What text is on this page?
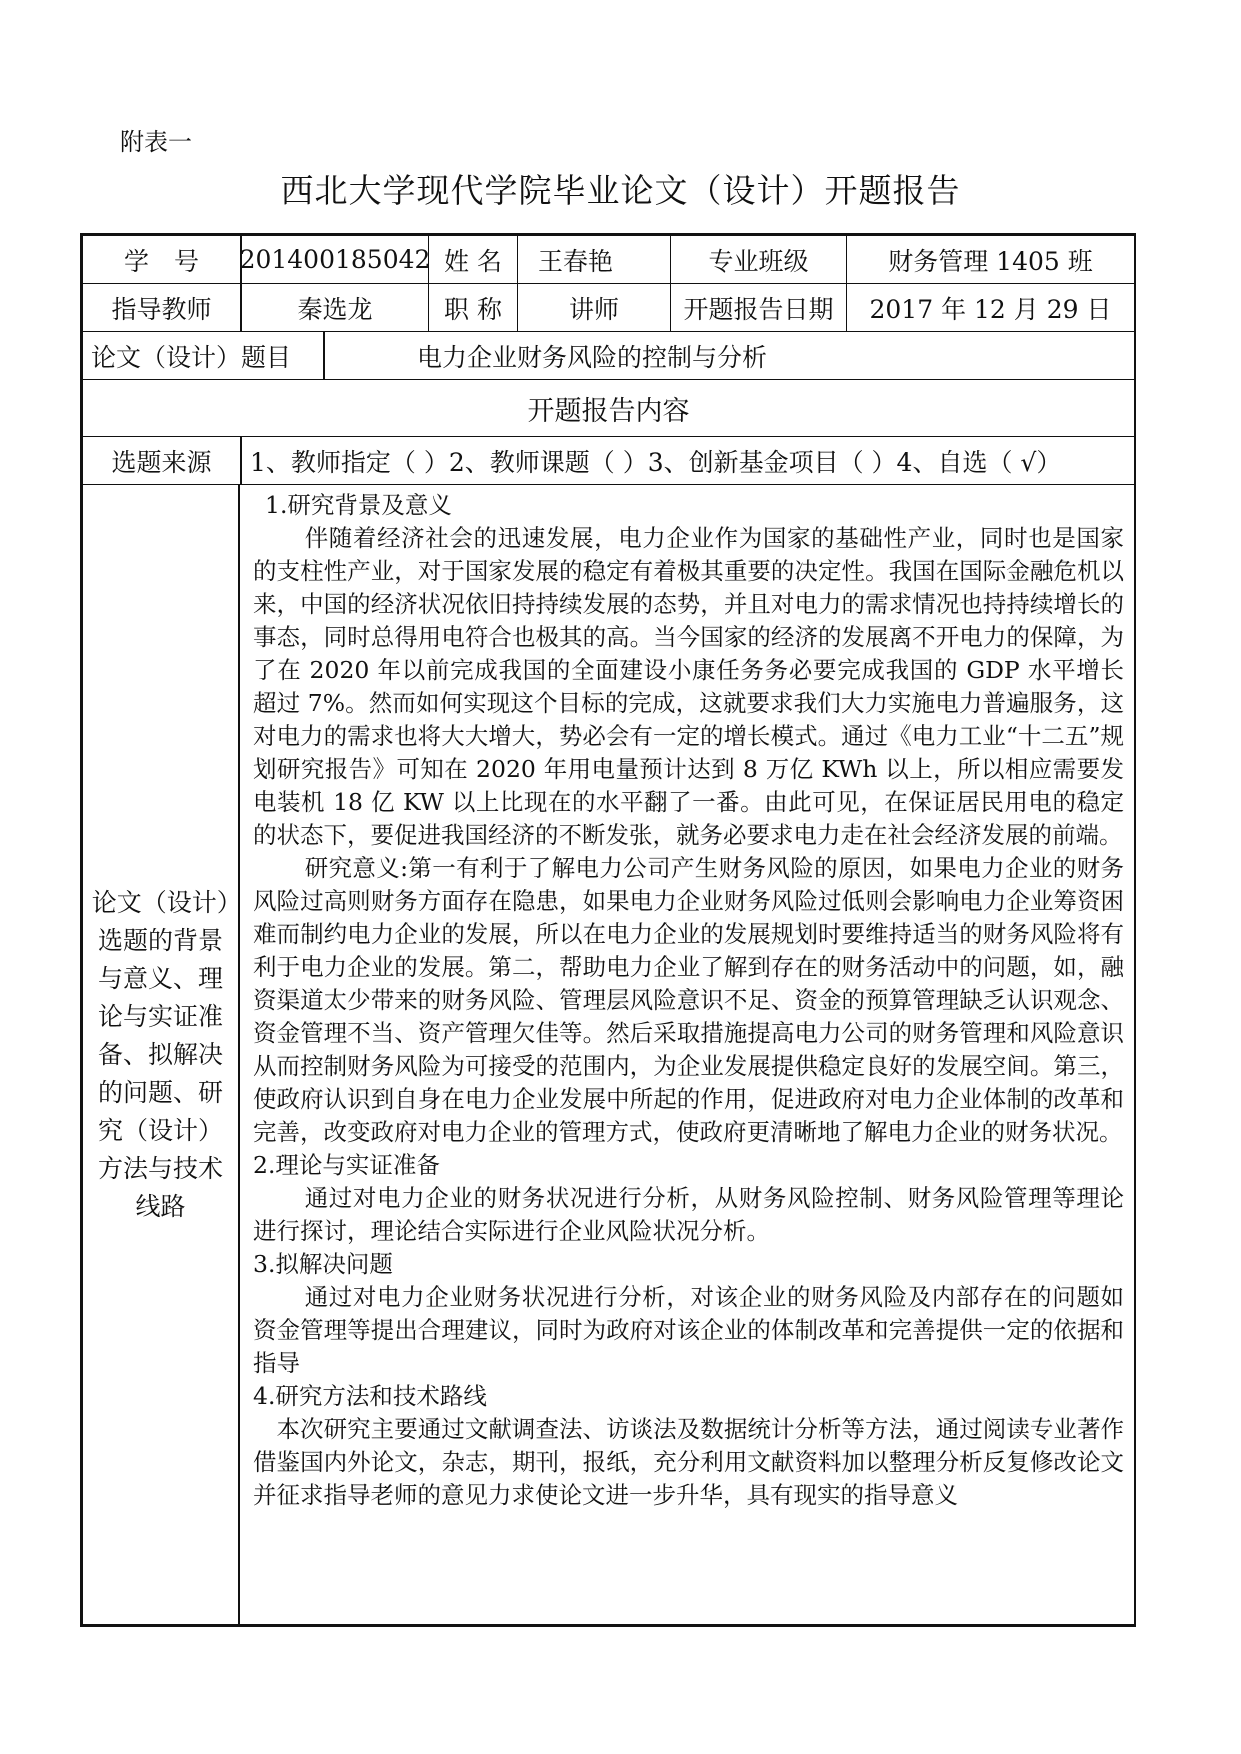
附表一
西北大学现代学院毕业论文（设计）开题报告
学　号	201400185042 姓 名	王春艳	专业班级	财务管理 1405 班
指导教师	秦选龙	职 称	讲师	开题报告日期	2017 年 12 月 29 日
论文（设计）题目	电力企业财务风险的控制与分析
开题报告内容
选题来源	1、教师指定（ ）2、教师课题（ ）3、创新基金项目（ ）4、自选（ √）
论文（设计）选题的背景与意义、理论与实证准备、拟解决的问题、研究（设计）方法与技术线路

1.研究背景及意义

伴随着经济社会的迅速发展，电力企业作为国家的基础性产业，同时也是国家的支柱性产业，对于国家发展的稳定有着极其重要的决定性。我国在国际金融危机以来，中国的经济状况依旧持持续发展的态势，并且对电力的需求情况也持持续增长的事态，同时总得用电符合也极其的高。当今国家的经济的发展离不开电力的保障，为了在 2020 年以前完成我国的全面建设小康任务务必要完成我国的 GDP 水平增长超过 7%。然而如何实现这个目标的完成，这就要求我们大力实施电力普遍服务，这对电力的需求也将大大增大，势必会有一定的增长模式。通过《电力工业“十二五”规划研究报告》可知在 2020 年用电量预计达到 8 万亿 KWh 以上，所以相应需要发电装机 18 亿 KW 以上比现在的水平翻了一番。由此可见，在保证居民用电的稳定的状态下，要促进我国经济的不断发张，就务必要求电力走在社会经济发展的前端。

研究意义:第一有利于了解电力公司产生财务风险的原因，如果电力企业的财务风险过高则财务方面存在隐患，如果电力企业财务风险过低则会影响电力企业筹资困难而制约电力企业的发展，所以在电力企业的发展规划时要维持适当的财务风险将有利于电力企业的发展。第二，帮助电力企业了解到存在的财务活动中的问题，如，融资渠道太少带来的财务风险、管理层风险意识不足、资金的预算管理缺乏认识观念、资金管理不当、资产管理欠佳等。然后采取措施提高电力公司的财务管理和风险意识从而控制财务风险为可接受的范围内，为企业发展提供稳定良好的发展空间。第三，使政府认识到自身在电力企业发展中所起的作用，促进政府对电力企业体制的改革和完善，改变政府对电力企业的管理方式，使政府更清晰地了解电力企业的财务状况。

2.理论与实证准备

通过对电力企业的财务状况进行分析，从财务风险控制、财务风险管理等理论进行探讨，理论结合实际进行企业风险状况分析。

3.拟解决问题

通过对电力企业财务状况进行分析，对该企业的财务风险及内部存在的问题如资金管理等提出合理建议，同时为政府对该企业的体制改革和完善提供一定的依据和指导

4.研究方法和技术路线

本次研究主要通过文献调查法、访谈法及数据统计分析等方法，通过阅读专业著作借鉴国内外论文，杂志，期刊，报纸，充分利用文献资料加以整理分析反复修改论文并征求指导老师的意见力求使论文进一步升华，具有现实的指导意义
